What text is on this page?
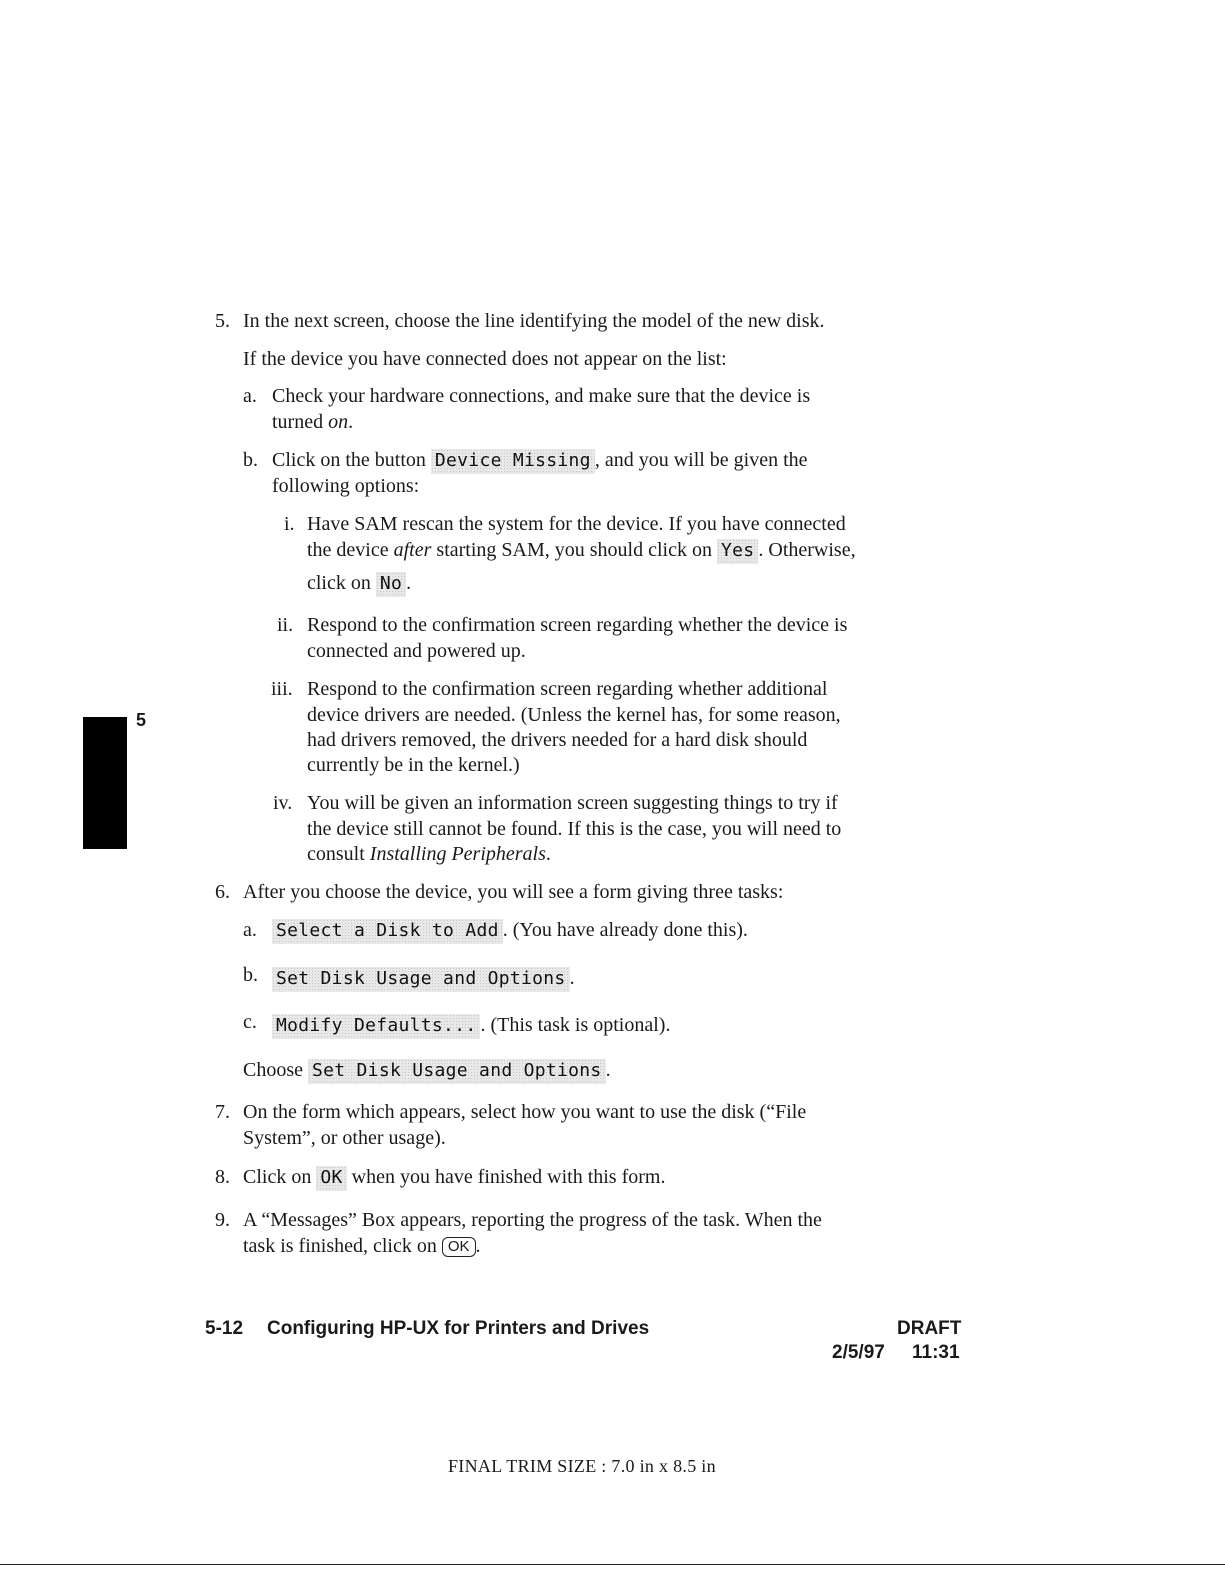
5
5. In the next screen, choose the line identifying the model of the new disk.
If the device you have connected does not appear on the list:
a. Check your hardware connections, and make sure that the device is
turned on.
b. Click on the button Device Missing , and you will be given the
following options:
i. Have SAM rescan the system for the device. If you have connected
the device after starting SAM, you should click on Yes . Otherwise,
click on No .
ii. Respond to the confirmation screen regarding whether the device is
connected and powered up.
iii. Respond to the confirmation screen regarding whether additional
device drivers are needed. (Unless the kernel has, for some reason,
had drivers removed, the drivers needed for a hard disk should
currently be in the kernel.)
iv. You will be given an information screen suggesting things to try if
the device still cannot be found. If this is the case, you will need to
consult Installing Peripherals.
6. After you choose the device, you will see a form giving three tasks:
a. Select a Disk to Add . (You have already done this).
b. Set Disk Usage and Options .
c. Modify Defaults... . (This task is optional).
Choose Set Disk Usage and Options .
7. On the form which appears, select how you want to use the disk (“File
System”, or other usage).
8. Click on OK when you have finished with this form.
9. A “Messages” Box appears, reporting the progress of the task. When the
task is finished, click on OK .
5-12 Configuring HP-UX for Printers and Drives	DRAFT
2/5/97 11:31
FINAL TRIM SIZE : 7.0 in x 8.5 in
